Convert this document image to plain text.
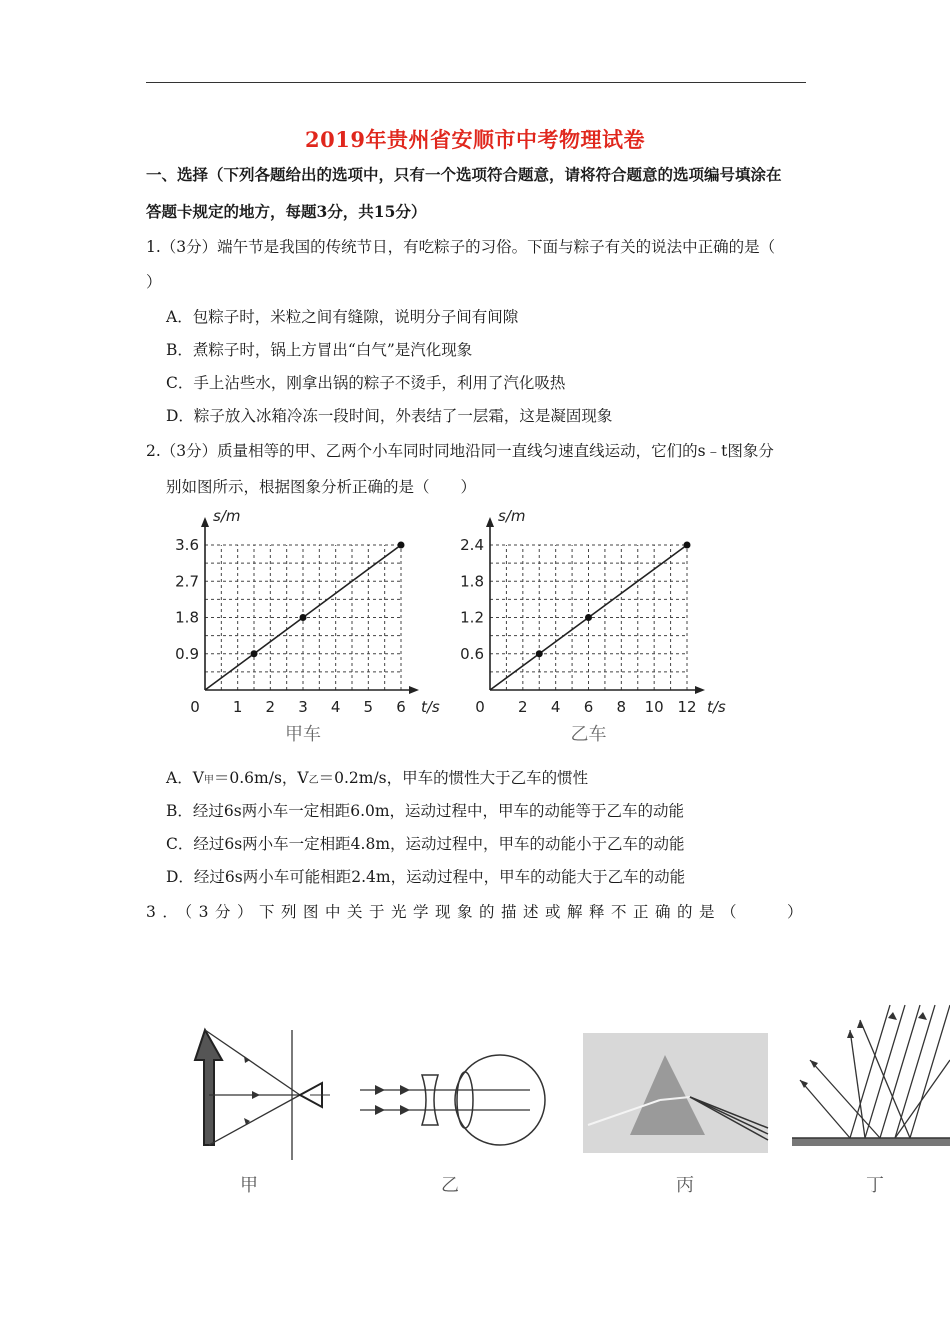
2019年贵州省安顺市中考物理试卷
一、选择（下列各题给出的选项中，只有一个选项符合题意，请将符合题意的选项编号填涂在
答题卡规定的地方，每题3分，共15分）
1.（3分）端午节是我国的传统节日，有吃粽子的习俗。下面与粽子有关的说法中正确的是（
）
A．包粽子时，米粒之间有缝隙，说明分子间有间隙
B．煮粽子时，锅上方冒出“白气”是汽化现象
C．手上沾些水，刚拿出锅的粽子不烫手，利用了汽化吸热
D．粽子放入冰箱冷冻一段时间，外表结了一层霜，这是凝固现象
2.（3分）质量相等的甲、乙两个小车同时同地沿同一直线匀速直线运动，它们的s﹣t图象分
别如图所示，根据图象分析正确的是（　　）
0 1 2 3 4 5 6
0.9
1.8
2.7
3.6
s/m
t/s
甲车
0 2 4 6 8 10 12
0.6
1.2
1.8
2.4
s/m
t/s
乙车
A．V甲＝0.6m/s，V乙＝0.2m/s，甲车的惯性大于乙车的惯性
B．经过6s两小车一定相距6.0m，运动过程中，甲车的动能等于乙车的动能
C．经过6s两小车一定相距4.8m，运动过程中，甲车的动能小于乙车的动能
D．经过6s两小车可能相距2.4m，运动过程中，甲车的动能大于乙车的动能
3．（3分）下列图中关于光学现象的描述或解释不正确的是（　　）
甲	乙	丙	丁
